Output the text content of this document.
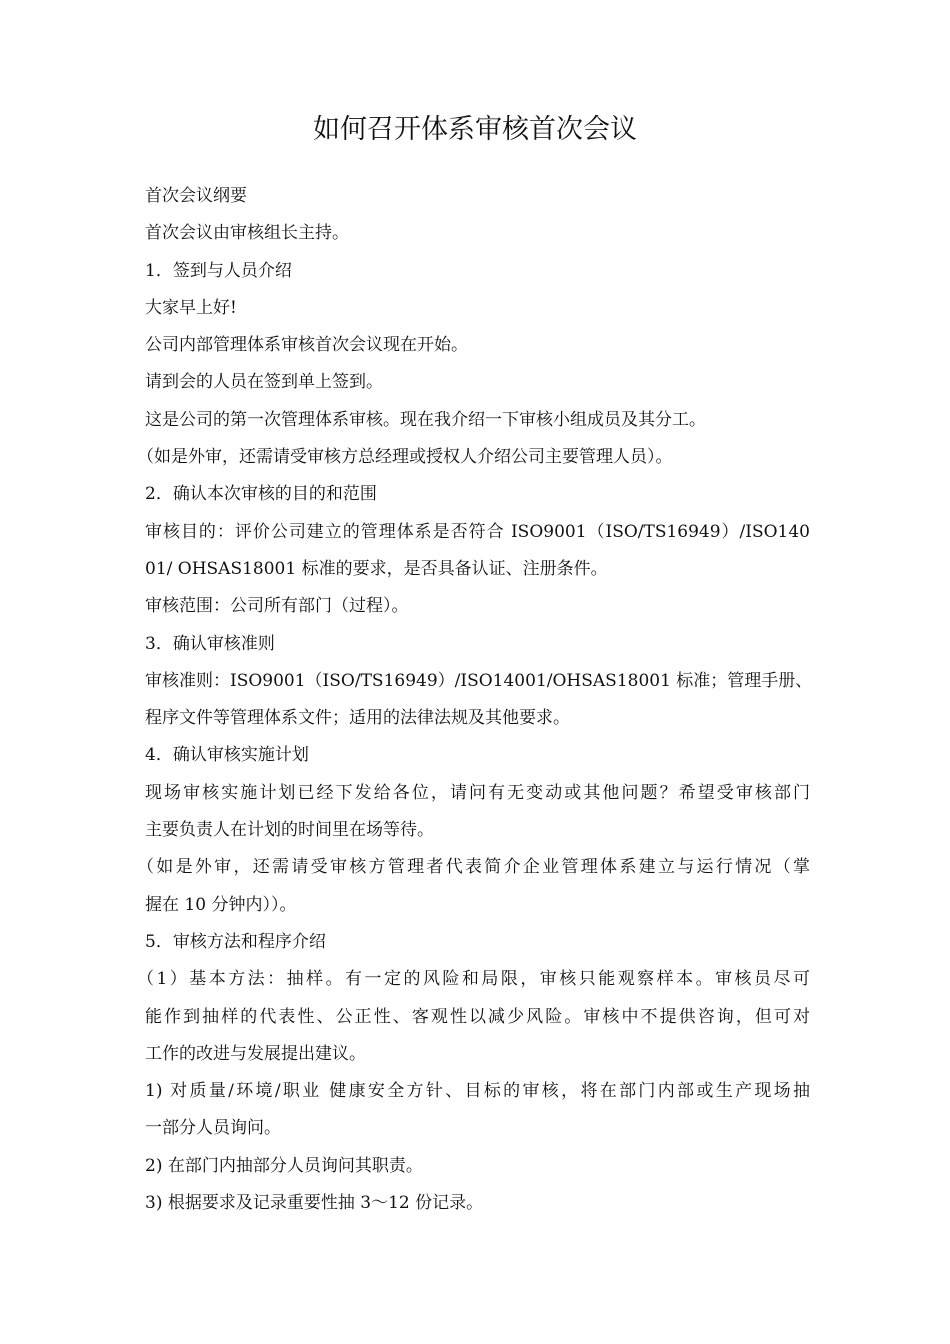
如何召开体系审核首次会议
首次会议纲要
首次会议由审核组长主持。
1．签到与人员介绍
大家早上好!
公司内部管理体系审核首次会议现在开始。
请到会的人员在签到单上签到。
这是公司的第一次管理体系审核。现在我介绍一下审核小组成员及其分工。
（如是外审，还需请受审核方总经理或授权人介绍公司主要管理人员）。
2．确认本次审核的目的和范围
审核目的：评价公司建立的管理体系是否符合 ISO9001（ISO/TS16949）/ISO140
01/ OHSAS18001 标准的要求，是否具备认证、注册条件。
审核范围：公司所有部门（过程）。
3．确认审核准则
审核准则：ISO9001（ISO/TS16949）/ISO14001/OHSAS18001 标准；管理手册、
程序文件等管理体系文件；适用的法律法规及其他要求。
4．确认审核实施计划
现场审核实施计划已经下发给各位，请问有无变动或其他问题？希望受审核部门
主要负责人在计划的时间里在场等待。
（如是外审，还需请受审核方管理者代表简介企业管理体系建立与运行情况（掌
握在 10 分钟内））。
5．审核方法和程序介绍
（1）基本方法：抽样。有一定的风险和局限，审核只能观察样本。审核员尽可
能作到抽样的代表性、公正性、客观性以减少风险。审核中不提供咨询，但可对
工作的改进与发展提出建议。
1) 对质量/环境/职业 健康安全方针、目标的审核，将在部门内部或生产现场抽
一部分人员询问。
2) 在部门内抽部分人员询问其职责。
3) 根据要求及记录重要性抽 3～12 份记录。
